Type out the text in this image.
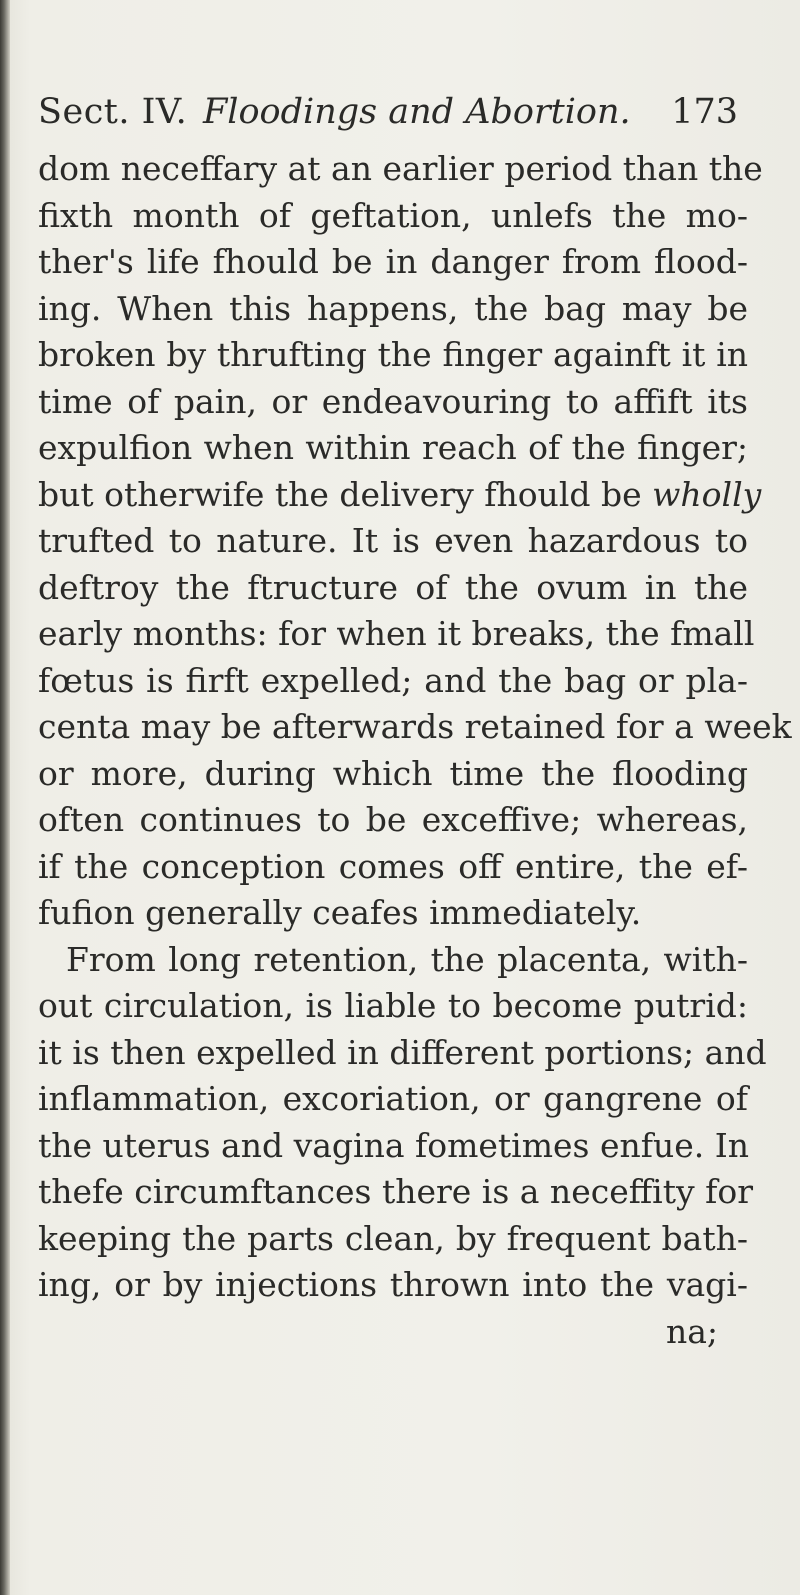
Sect. IV. Floodings and Abortion. 173
dom neceffary at an earlier period than the
fixth month of geftation, unlefs the mo-
ther's life fhould be in danger from flood-
ing. When this happens, the bag may be
broken by thrufting the finger againft it in
time of pain, or endeavouring to affift its
expulfion when within reach of the finger;
but otherwife the delivery fhould be wholly
trufted to nature. It is even hazardous to
deftroy the ftructure of the ovum in the
early months: for when it breaks, the fmall
fœtus is firft expelled; and the bag or pla-
centa may be afterwards retained for a week
or more, during which time the flooding
often continues to be exceffive; whereas,
if the conception comes off entire, the ef-
fufion generally ceafes immediately.
From long retention, the placenta, with-
out circulation, is liable to become putrid:
it is then expelled in different portions; and
inflammation, excoriation, or gangrene of
the uterus and vagina fometimes enfue. In
thefe circumftances there is a neceffity for
keeping the parts clean, by frequent bath-
ing, or by injections thrown into the vagi-
na;
